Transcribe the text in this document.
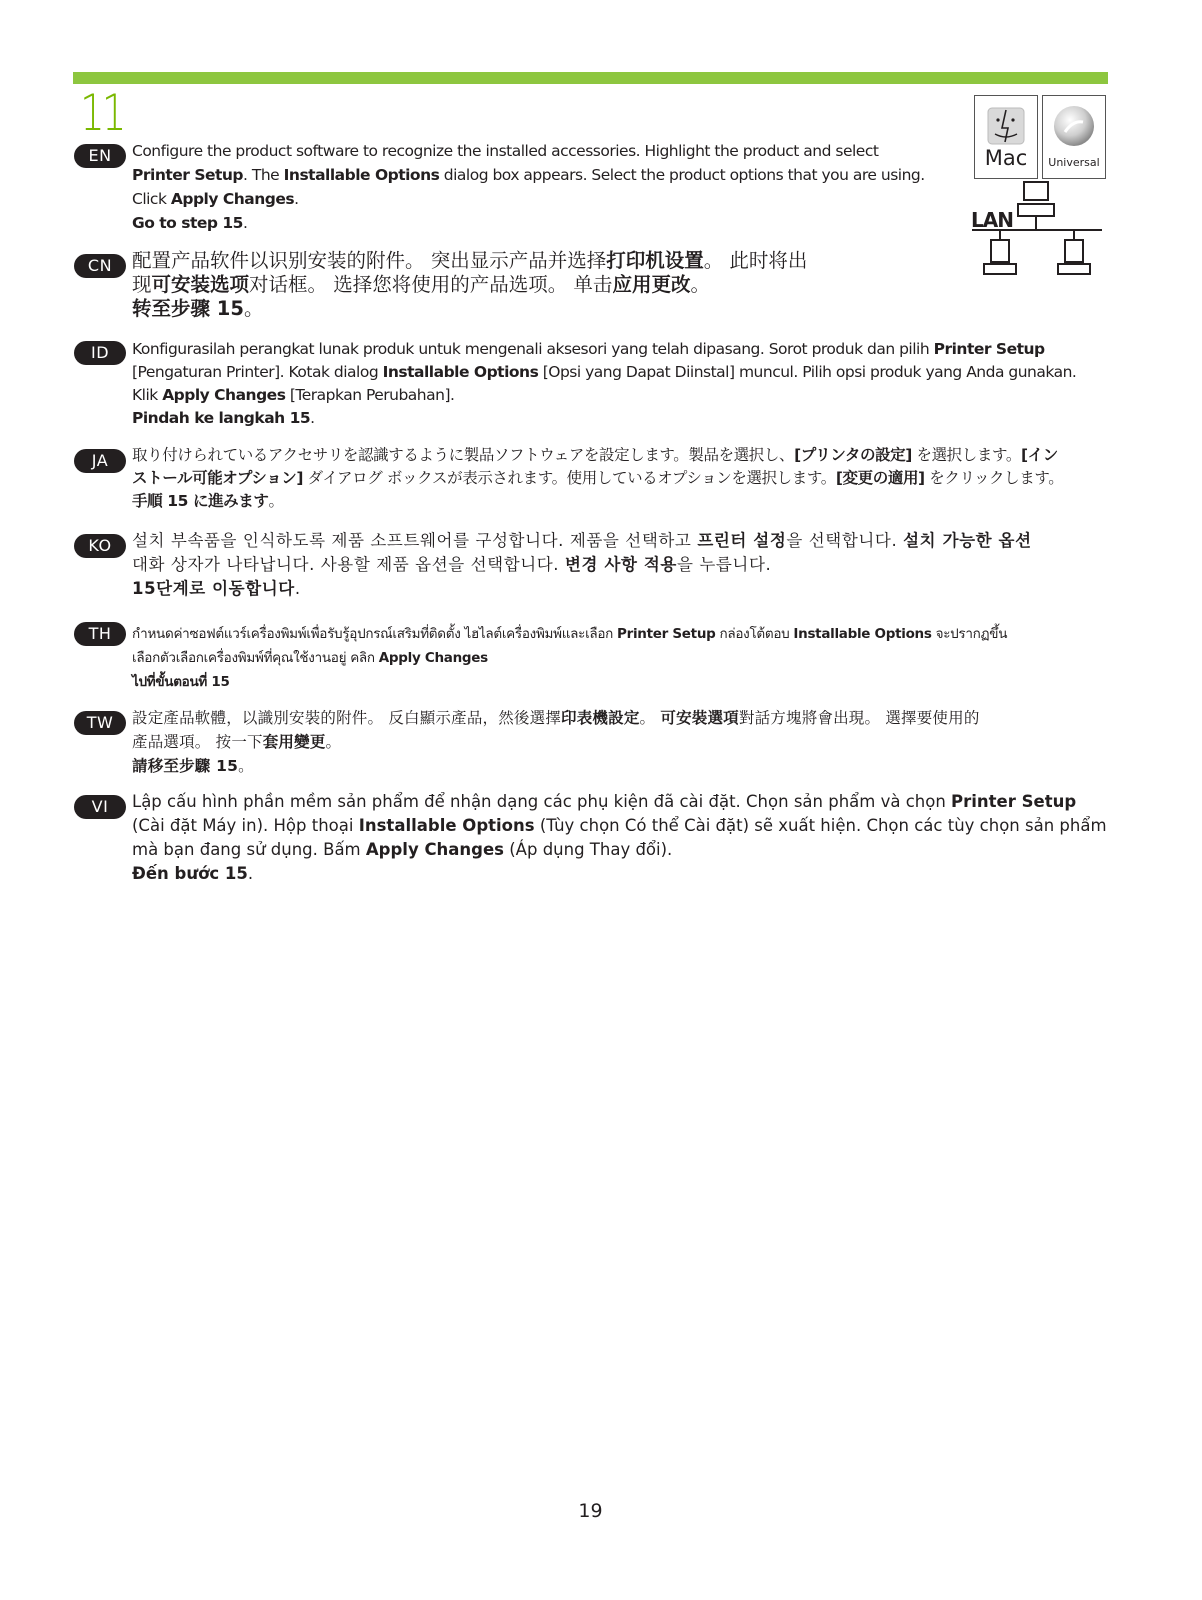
11
Mac	Universal
LAN
EN	Configure the product software to recognize the installed accessories. Highlight the product and select
Printer Setup. The Installable Options dialog box appears. Select the product options that you are using.
Click Apply Changes.
Go to step 15.
CN	配置产品软件以识别安装的附件。 突出显示产品并选择打印机设置。 此时将出
现可安装选项对话框。 选择您将使用的产品选项。 单击应用更改。
转至步骤 15。
ID	Konfigurasilah perangkat lunak produk untuk mengenali aksesori yang telah dipasang. Sorot produk dan pilih Printer Setup
[Pengaturan Printer]. Kotak dialog Installable Options [Opsi yang Dapat Diinstal] muncul. Pilih opsi produk yang Anda gunakan.
Klik Apply Changes [Terapkan Perubahan].
Pindah ke langkah 15.
JA	取り付けられているアクセサリを認識するように製品ソフトウェアを設定します。製品を選択し、[プリンタの設定] を選択します。[イン
ストール可能オプション] ダイアログ ボックスが表示されます。使用しているオプションを選択します。[変更の適用] をクリックします。
手順 15 に進みます。
KO	설치 부속품을 인식하도록 제품 소프트웨어를 구성합니다. 제품을 선택하고 프린터 설정을 선택합니다. 설치 가능한 옵션
대화 상자가 나타납니다. 사용할 제품 옵션을 선택합니다. 변경 사항 적용을 누릅니다.
15단계로 이동합니다.
TH	กำหนดค่าซอฟต์แวร์เครื่องพิมพ์เพื่อรับรู้อุปกรณ์เสริมที่ติดตั้ง ไฮไลต์เครื่องพิมพ์และเลือก Printer Setup กล่องโต้ตอบ Installable Options จะปรากฏขึ้น
เลือกตัวเลือกเครื่องพิมพ์ที่คุณใช้งานอยู่ คลิก Apply Changes
ไปที่ขั้นตอนที่ 15
TW	設定產品軟體，以識別安裝的附件。 反白顯示產品，然後選擇印表機設定。 可安裝選項對話方塊將會出現。 選擇要使用的
產品選項。 按一下套用變更。
請移至步驟 15。
VI	Lập cấu hình phần mềm sản phẩm để nhận dạng các phụ kiện đã cài đặt. Chọn sản phẩm và chọn Printer Setup
(Cài đặt Máy in). Hộp thoại Installable Options (Tùy chọn Có thể Cài đặt) sẽ xuất hiện. Chọn các tùy chọn sản phẩm
mà bạn đang sử dụng. Bấm Apply Changes (Áp dụng Thay đổi).
Đến bước 15.
19
